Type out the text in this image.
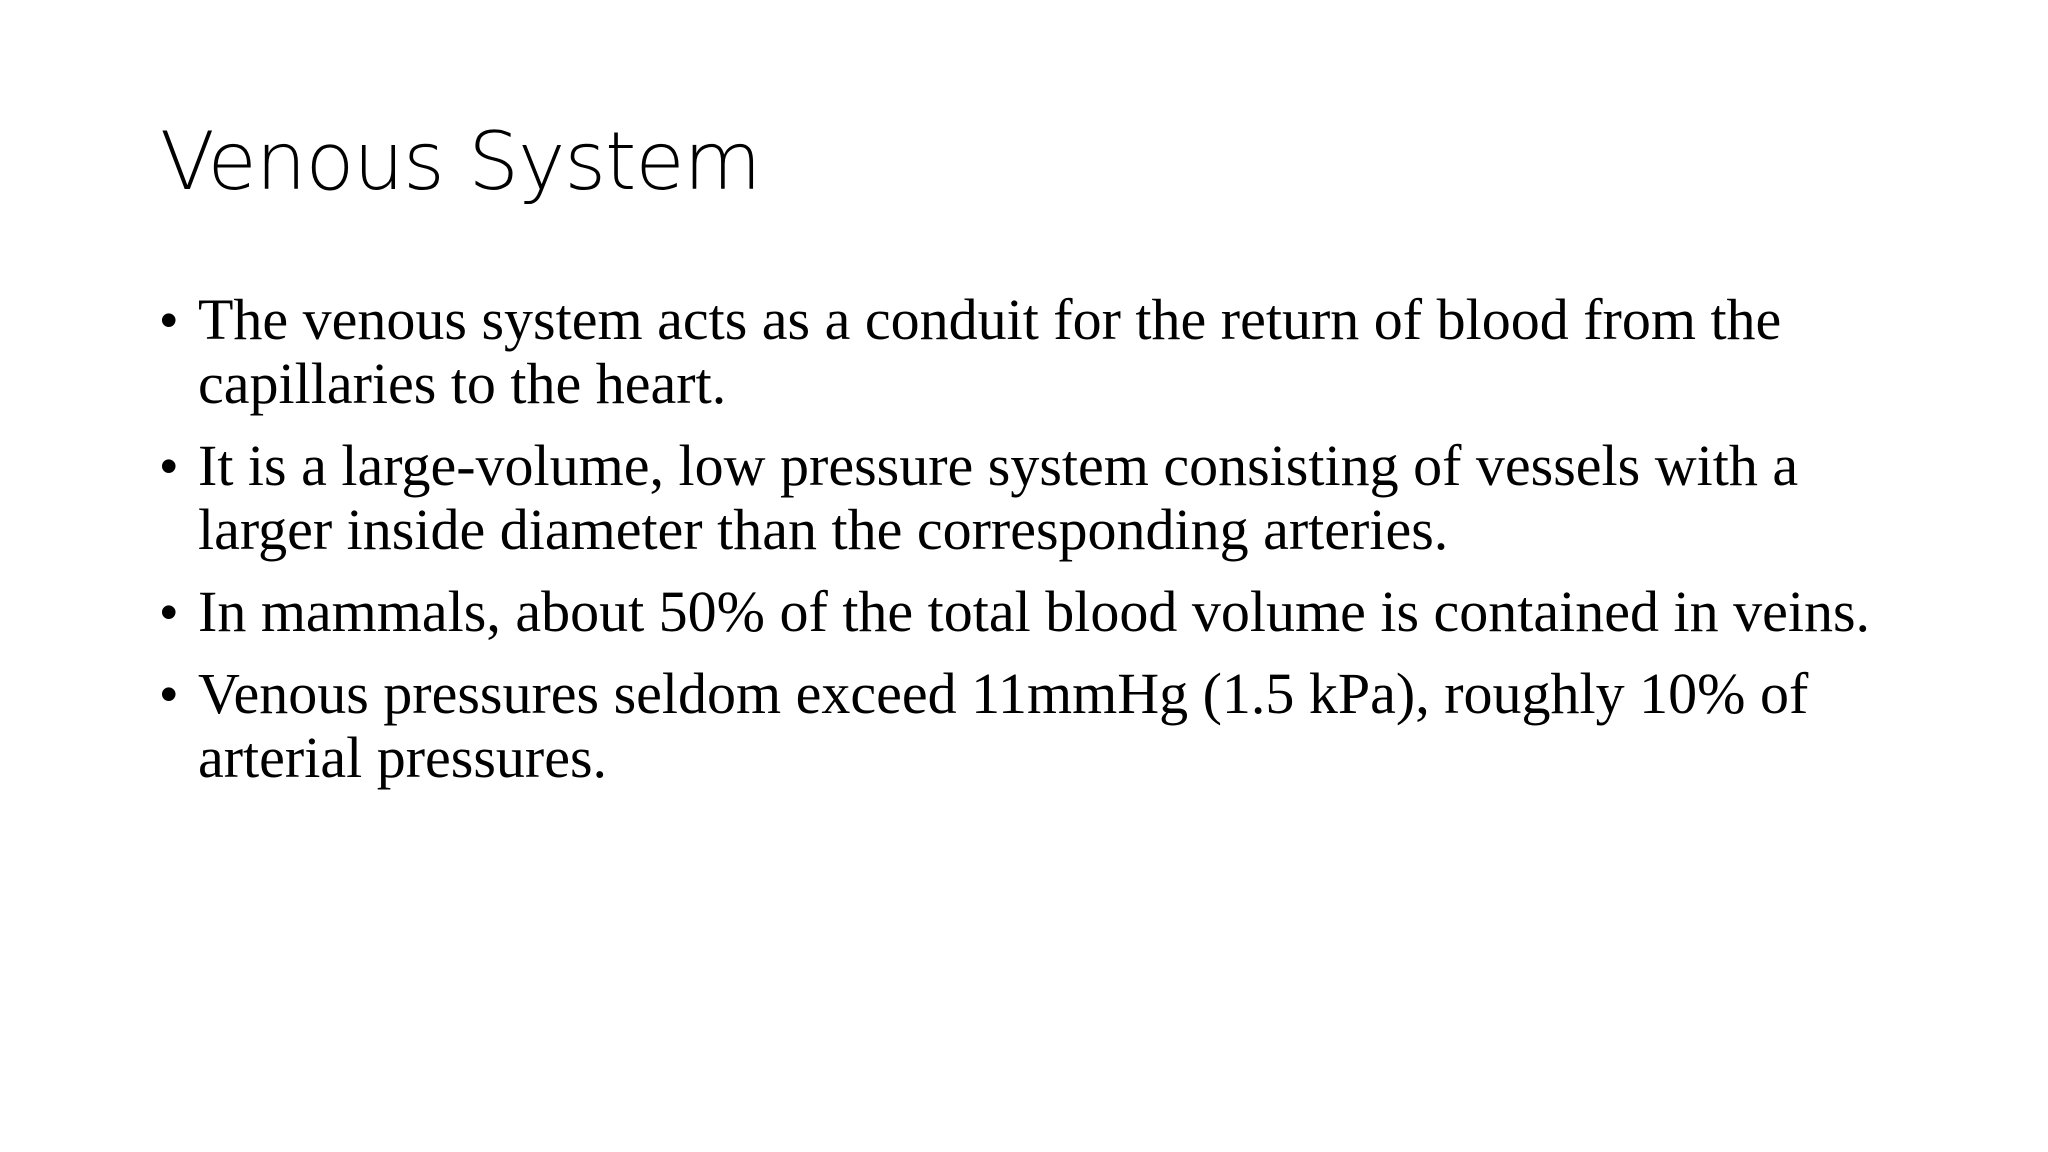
Venous System
• The venous system acts as a conduit for the return of blood from the capillaries to the heart.
• It is a large-volume, low pressure system consisting of vessels with a larger inside diameter than the corresponding arteries.
• In mammals, about 50% of the total blood volume is contained in veins.
• Venous pressures seldom exceed 11mmHg (1.5 kPa), roughly 10% of arterial pressures.
